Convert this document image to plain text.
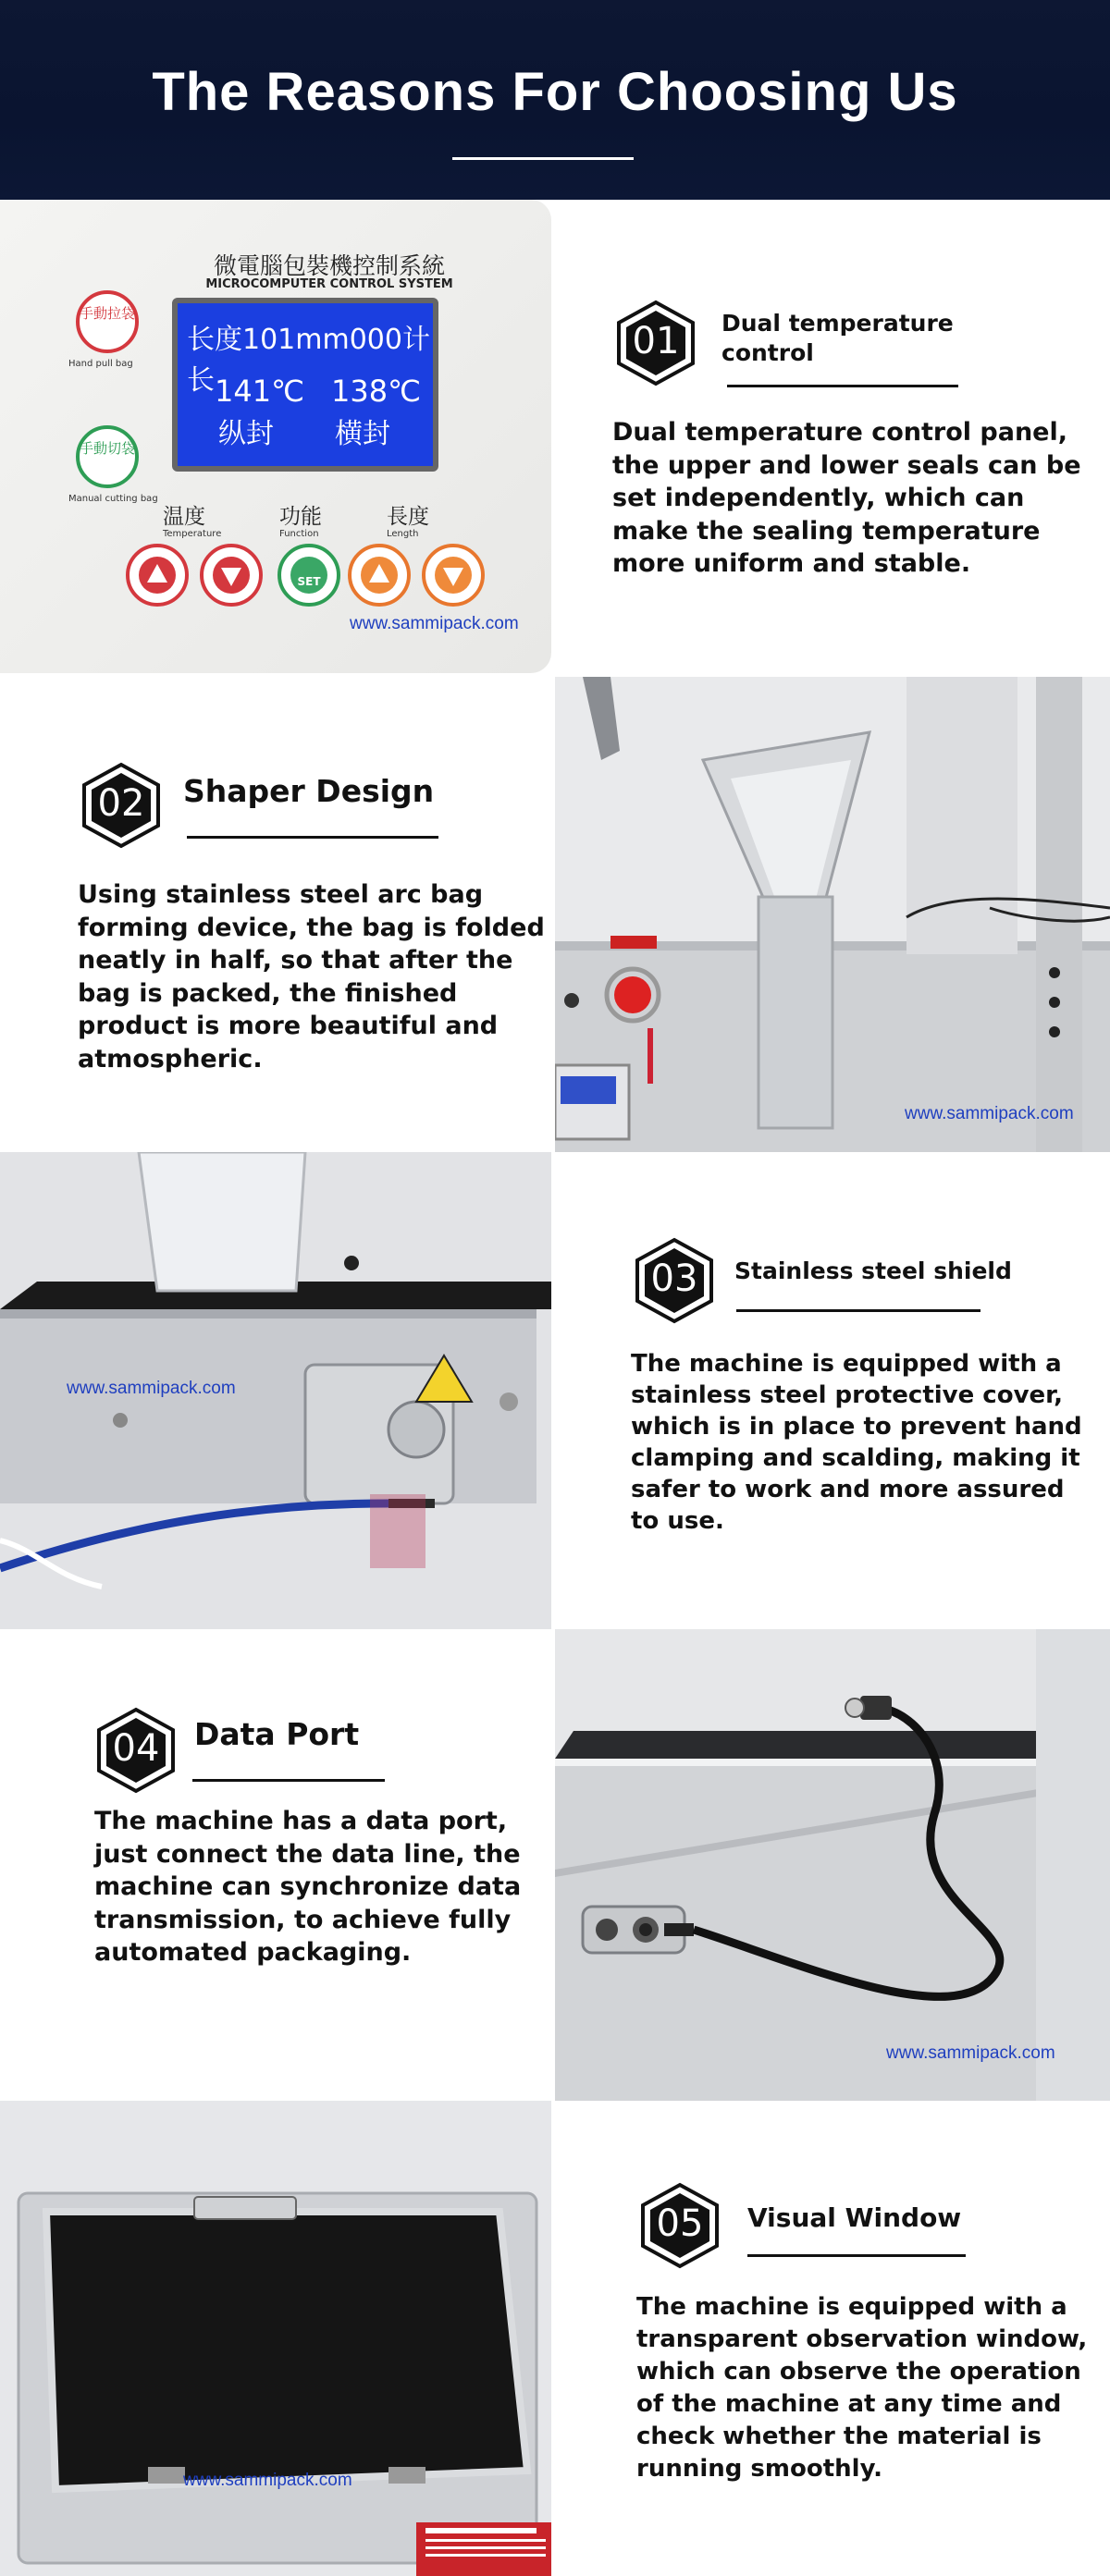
The Reasons For Choosing Us
微電腦包裝機控制系統
MICROCOMPUTER CONTROL SYSTEM
长度101mm000计长 141℃ 138℃
纵封 横封
手動拉袋
Hand pull bag
手動切袋
Manual cutting bag
温度
Temperature
功能
Function
長度
Length
SET
www.sammipack.com
01	Dual temperature control

Dual temperature control panel, the upper and lower seals can be set independently, which can make the sealing temperature more uniform and stable.

02	Shaper Design

Using stainless steel arc bag forming device, the bag is folded neatly in half, so that after the bag is packed, the finished product is more beautiful and atmospheric.

www.sammipack.com
www.sammipack.com
03	Stainless steel shield

The machine is equipped with a stainless steel protective cover, which is in place to prevent hand clamping and scalding, making it safer to work and more assured to use.

04	Data Port

The machine has a data port, just connect the data line, the machine can synchronize data transmission, to achieve fully automated packaging.

www.sammipack.com
www.sammipack.com
05	Visual Window

The machine is equipped with a transparent observation window, which can observe the operation of the machine at any time and check whether the material is running smoothly.
